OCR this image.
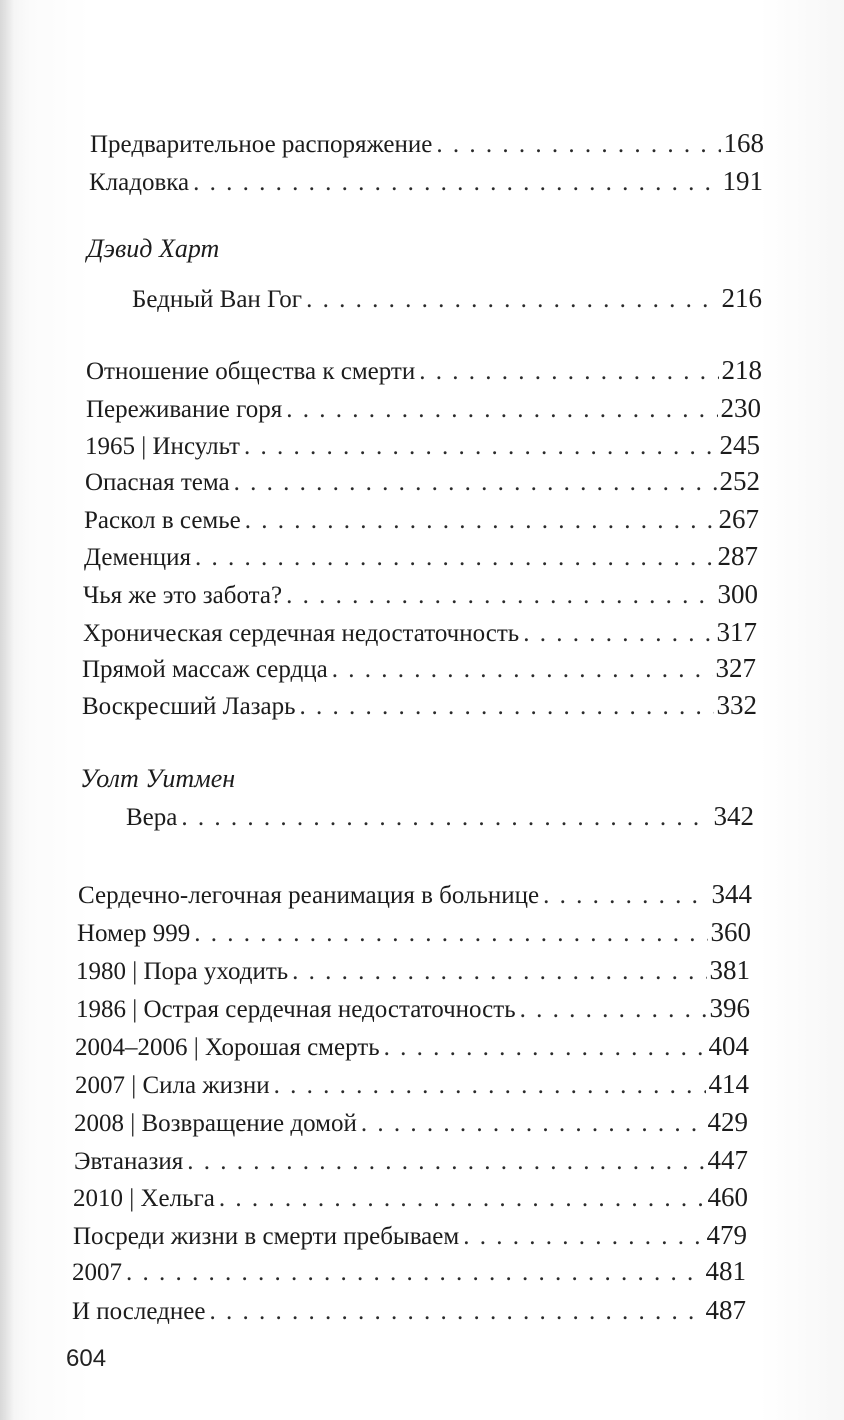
Предварительное распоряжение . . .	168
Кладовка . . .	191
Дэвид Харт
Бедный Ван Гог . . .	216
Отношение общества к смерти . . .	218
Переживание горя . . .	230
1965 | Инсульт . . .	245
Опасная тема . . .	252
Раскол в семье . . .	267
Деменция . . .	287
Чья же это забота? . . .	300
Хроническая сердечная недостаточность . . .	317
Прямой массаж сердца . . .	327
Воскресший Лазарь . . .	332
Уолт Уитмен
Вера . . .	342
Сердечно-легочная реанимация в больнице . . .	344
Номер 999 . . .	360
1980 | Пора уходить . . .	381
1986 | Острая сердечная недостаточность . . .	396
2004–2006 | Хорошая смерть . . .	404
2007 | Сила жизни . . .	414
2008 | Возвращение домой . . .	429
Эвтаназия . . .	447
2010 | Хельга . . .	460
Посреди жизни в смерти пребываем . . .	479
2007 . . .	481
И последнее . . .	487
604
